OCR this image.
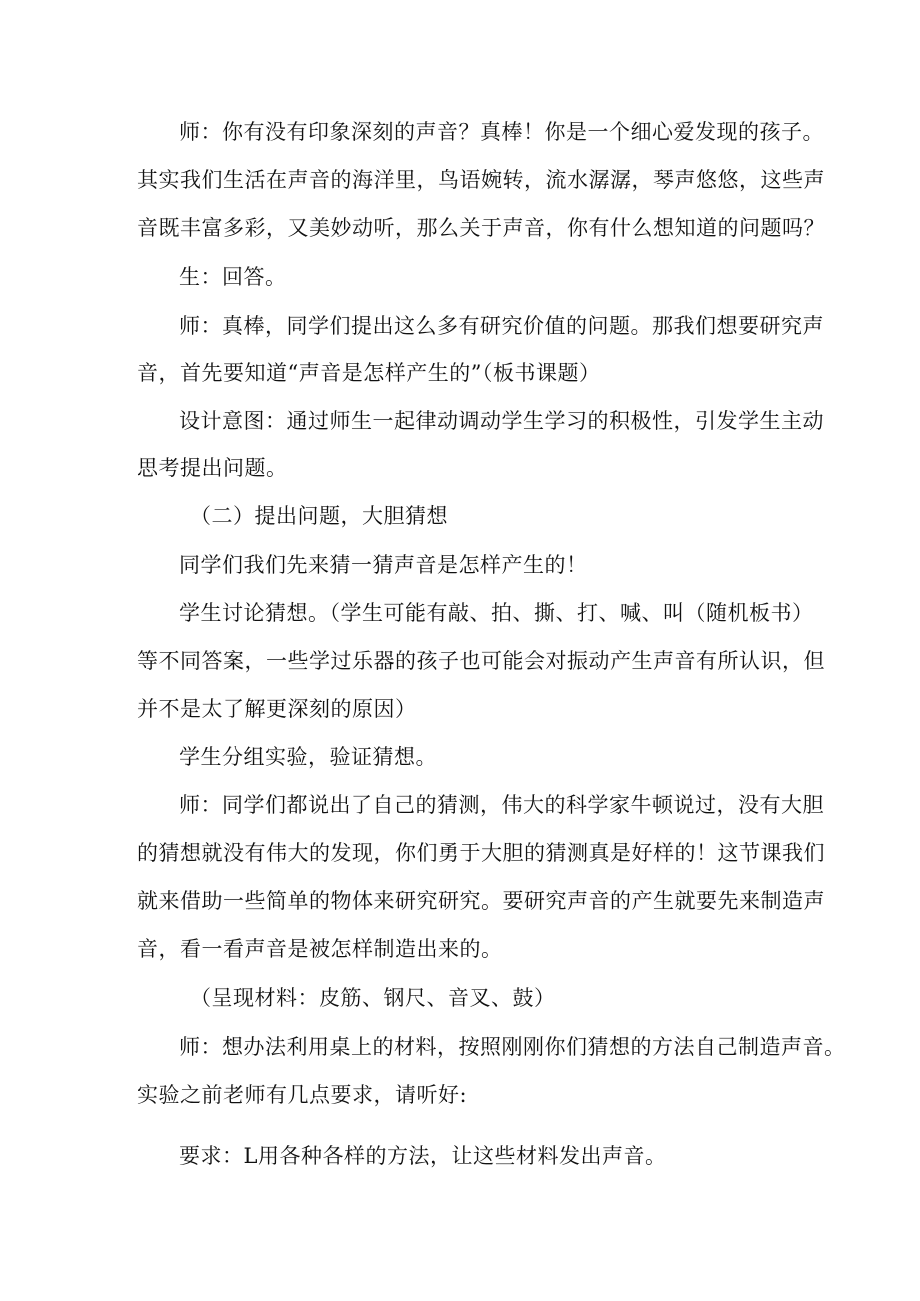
师：你有没有印象深刻的声音？真棒！你是一个细心爱发现的孩子。
其实我们生活在声音的海洋里，鸟语婉转，流水潺潺，琴声悠悠，这些声
音既丰富多彩，又美妙动听，那么关于声音，你有什么想知道的问题吗？
生：回答。
师：真棒，同学们提出这么多有研究价值的问题。那我们想要研究声
音，首先要知道“声音是怎样产生的”（板书课题）
设计意图：通过师生一起律动调动学生学习的积极性，引发学生主动
思考提出问题。
（二）提出问题，大胆猜想
同学们我们先来猜一猜声音是怎样产生的！
学生讨论猜想。（学生可能有敲、拍、撕、打、喊、叫（随机板书）
等不同答案，一些学过乐器的孩子也可能会对振动产生声音有所认识，但
并不是太了解更深刻的原因）
学生分组实验，验证猜想。
师：同学们都说出了自己的猜测，伟大的科学家牛顿说过，没有大胆
的猜想就没有伟大的发现，你们勇于大胆的猜测真是好样的！这节课我们
就来借助一些简单的物体来研究研究。要研究声音的产生就要先来制造声
音，看一看声音是被怎样制造出来的。
（呈现材料：皮筋、钢尺、音叉、鼓）
师：想办法利用桌上的材料，按照刚刚你们猜想的方法自己制造声音。
实验之前老师有几点要求，请听好:
要求：L用各种各样的方法，让这些材料发出声音。
